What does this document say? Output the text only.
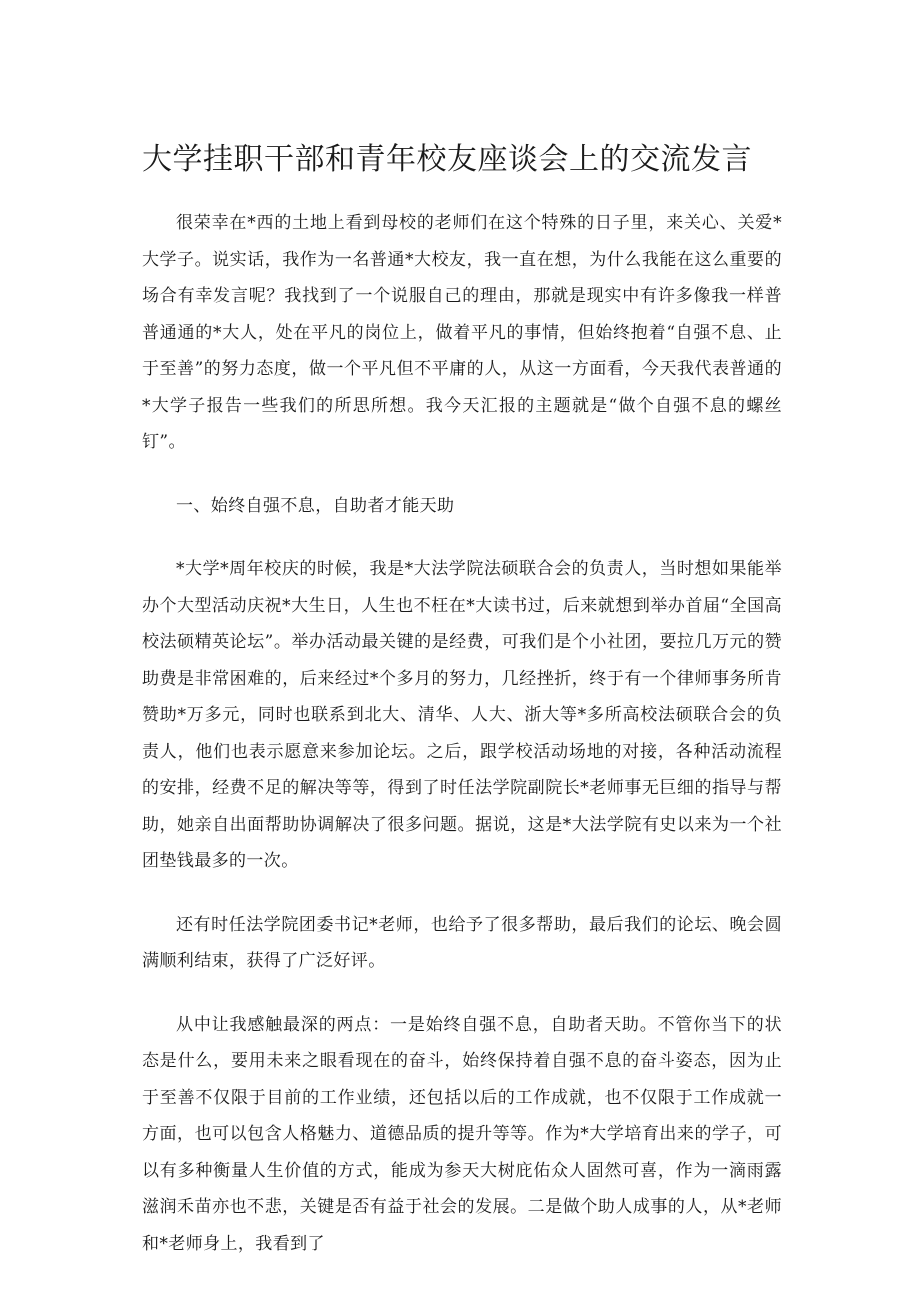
大学挂职干部和青年校友座谈会上的交流发言

很荣幸在*西的土地上看到母校的老师们在这个特殊的日子里，来关心、关爱*大学子。说实话，我作为一名普通*大校友，我一直在想，为什么我能在这么重要的场合有幸发言呢？我找到了一个说服自己的理由，那就是现实中有许多像我一样普普通通的*大人，处在平凡的岗位上，做着平凡的事情，但始终抱着“自强不息、止于至善”的努力态度，做一个平凡但不平庸的人，从这一方面看，今天我代表普通的*大学子报告一些我们的所思所想。我今天汇报的主题就是“做个自强不息的螺丝钉”。

一、始终自强不息，自助者才能天助

*大学*周年校庆的时候，我是*大法学院法硕联合会的负责人，当时想如果能举办个大型活动庆祝*大生日，人生也不枉在*大读书过，后来就想到举办首届“全国高校法硕精英论坛”。举办活动最关键的是经费，可我们是个小社团，要拉几万元的赞助费是非常困难的，后来经过*个多月的努力，几经挫折，终于有一个律师事务所肯赞助*万多元，同时也联系到北大、清华、人大、浙大等*多所高校法硕联合会的负责人，他们也表示愿意来参加论坛。之后，跟学校活动场地的对接，各种活动流程的安排，经费不足的解决等等，得到了时任法学院副院长*老师事无巨细的指导与帮助，她亲自出面帮助协调解决了很多问题。据说，这是*大法学院有史以来为一个社团垫钱最多的一次。

还有时任法学院团委书记*老师，也给予了很多帮助，最后我们的论坛、晚会圆满顺利结束，获得了广泛好评。

从中让我感触最深的两点：一是始终自强不息，自助者天助。不管你当下的状态是什么，要用未来之眼看现在的奋斗，始终保持着自强不息的奋斗姿态，因为止于至善不仅限于目前的工作业绩，还包括以后的工作成就，也不仅限于工作成就一方面，也可以包含人格魅力、道德品质的提升等等。作为*大学培育出来的学子，可以有多种衡量人生价值的方式，能成为参天大树庇佑众人固然可喜，作为一滴雨露滋润禾苗亦也不悲，关键是否有益于社会的发展。二是做个助人成事的人，从*老师和*老师身上，我看到了
